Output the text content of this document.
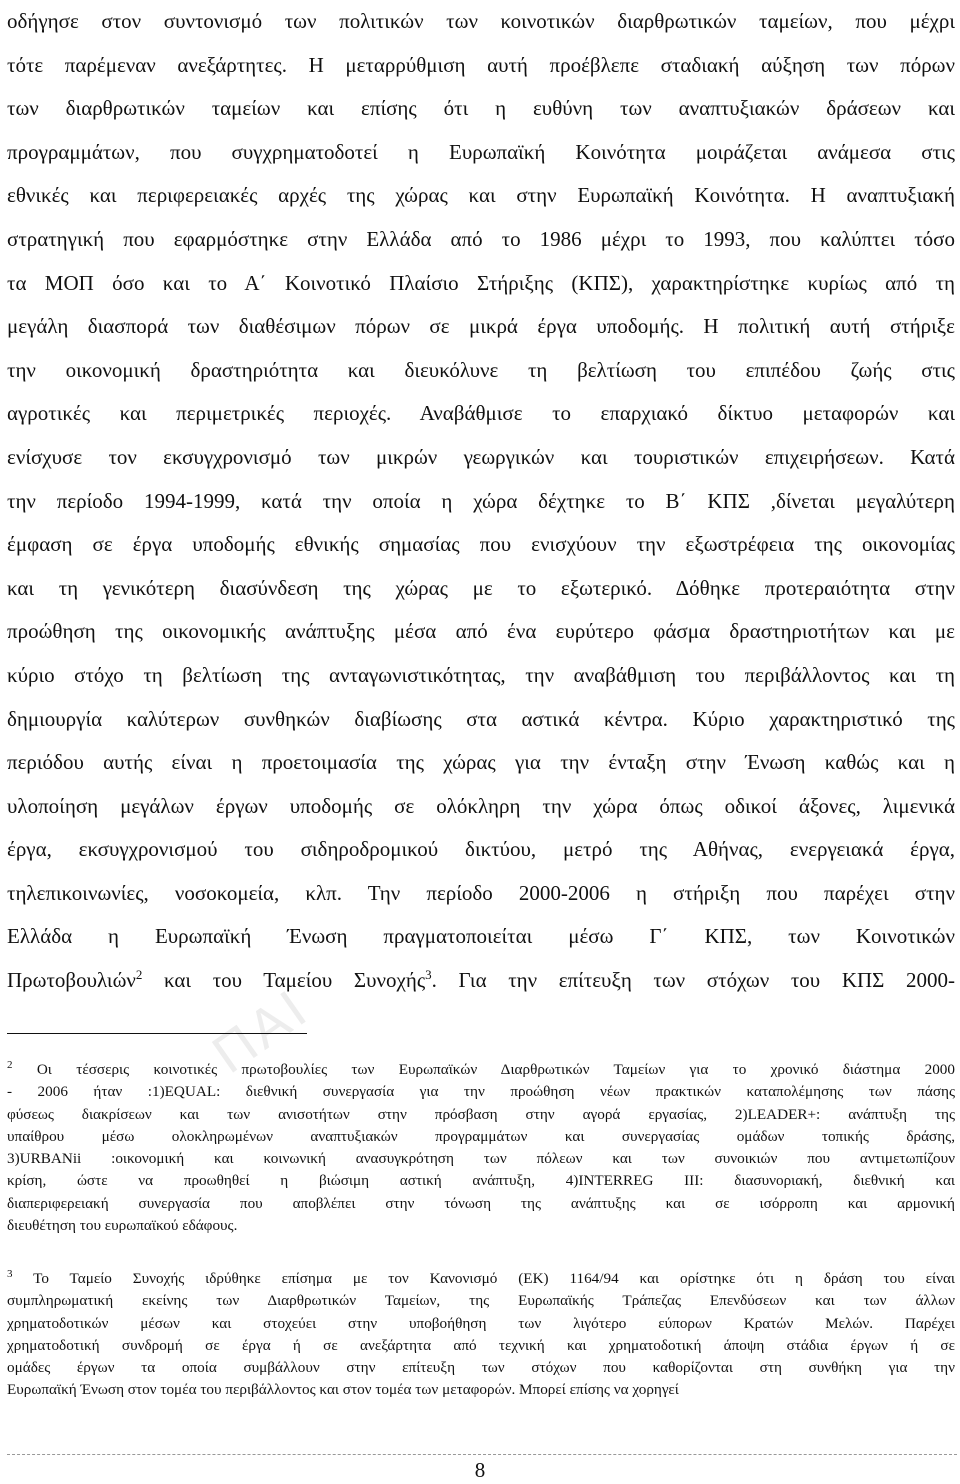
ΠΑΙ
οδήγησε στον συντονισμό των πολιτικών των κοινοτικών διαρθρωτικών ταμείων, που μέχρι
τότε παρέμεναν ανεξάρτητες. Η μεταρρύθμιση αυτή προέβλεπε σταδιακή αύξηση των πόρων
των διαρθρωτικών ταμείων και επίσης ότι η ευθύνη των αναπτυξιακών δράσεων και
προγραμμάτων, που συγχρηματοδοτεί η Ευρωπαϊκή Κοινότητα μοιράζεται ανάμεσα στις
εθνικές και περιφερειακές αρχές της χώρας και στην Ευρωπαϊκή Κοινότητα. Η αναπτυξιακή
στρατηγική που εφαρμόστηκε στην Ελλάδα από το 1986 μέχρι το 1993, που καλύπτει τόσο
τα ΜΟΠ όσο και το Α΄ Κοινοτικό Πλαίσιο Στήριξης (ΚΠΣ), χαρακτηρίστηκε κυρίως από τη
μεγάλη διασπορά των διαθέσιμων πόρων σε μικρά έργα υποδομής. Η πολιτική αυτή στήριξε
την οικονομική δραστηριότητα και διευκόλυνε τη βελτίωση του επιπέδου ζωής στις
αγροτικές και περιμετρικές περιοχές. Αναβάθμισε το επαρχιακό δίκτυο μεταφορών και
ενίσχυσε τον εκσυγχρονισμό των μικρών γεωργικών και τουριστικών επιχειρήσεων. Κατά
την περίοδο 1994-1999, κατά την οποία η χώρα δέχτηκε το Β΄ ΚΠΣ ,δίνεται μεγαλύτερη
έμφαση σε έργα υποδομής εθνικής σημασίας που ενισχύουν την εξωστρέφεια της οικονομίας
και τη γενικότερη διασύνδεση της χώρας με το εξωτερικό. Δόθηκε προτεραιότητα στην
προώθηση της οικονομικής ανάπτυξης μέσα από ένα ευρύτερο φάσμα δραστηριοτήτων και με
κύριο στόχο τη βελτίωση της ανταγωνιστικότητας, την αναβάθμιση του περιβάλλοντος και τη
δημιουργία καλύτερων συνθηκών διαβίωσης στα αστικά κέντρα. Κύριο χαρακτηριστικό της
περιόδου αυτής είναι η προετοιμασία της χώρας για την ένταξη στην Ένωση καθώς και η
υλοποίηση μεγάλων έργων υποδομής σε ολόκληρη την χώρα όπως οδικοί άξονες, λιμενικά
έργα, εκσυγχρονισμού του σιδηροδρομικού δικτύου, μετρό της Αθήνας, ενεργειακά έργα,
τηλεπικοινωνίες, νοσοκομεία, κλπ. Την περίοδο 2000-2006 η στήριξη που παρέχει στην
Ελλάδα η Ευρωπαϊκή Ένωση πραγματοποιείται μέσω Γ΄ ΚΠΣ, των Κοινοτικών
Πρωτοβουλιών$^2$ και του Ταμείου Συνοχής$^3$. Για την επίτευξη των στόχων του ΚΠΣ 2000-
$^2$ Οι τέσσερις κοινοτικές πρωτοβουλίες των Ευρωπαϊκών Διαρθρωτικών Ταμείων για το χρονικό διάστημα 2000
- 2006 ήταν :1)EQUAL: διεθνική συνεργασία για την προώθηση νέων πρακτικών καταπολέμησης των πάσης
φύσεως διακρίσεων και των ανισοτήτων στην πρόσβαση στην αγορά εργασίας, 2)LEADER+: ανάπτυξη της
υπαίθρου μέσω ολοκληρωμένων αναπτυξιακών προγραμμάτων και συνεργασίας ομάδων τοπικής δράσης,
3)URBANii :οικονομική και κοινωνική ανασυγκρότηση των πόλεων και των συνοικιών που αντιμετωπίζουν
κρίση, ώστε να προωθηθεί η βιώσιμη αστική ανάπτυξη, 4)INTERREG III: διασυνοριακή, διεθνική και
διαπεριφερειακή συνεργασία που αποβλέπει στην τόνωση της ανάπτυξης και σε ισόρροπη και αρμονική
διευθέτηση του ευρωπαϊκού εδάφους.
$^3$ Το Ταμείο Συνοχής ιδρύθηκε επίσημα με τον Κανονισμό (ΕΚ) 1164/94 και ορίστηκε ότι η δράση του είναι
συμπληρωματική εκείνης των Διαρθρωτικών Ταμείων, της Ευρωπαϊκής Τράπεζας Επενδύσεων και των άλλων
χρηματοδοτικών μέσων και στοχεύει στην υποβοήθηση των λιγότερο εύπορων Κρατών Μελών. Παρέχει
χρηματοδοτική συνδρομή σε έργα ή σε ανεξάρτητα από τεχνική και χρηματοδοτική άποψη στάδια έργων ή σε
ομάδες έργων τα οποία συμβάλλουν στην επίτευξη των στόχων που καθορίζονται στη συνθήκη για την
Ευρωπαϊκή Ένωση στον τομέα του περιβάλλοντος και στον τομέα των μεταφορών. Μπορεί επίσης να χορηγεί
8
